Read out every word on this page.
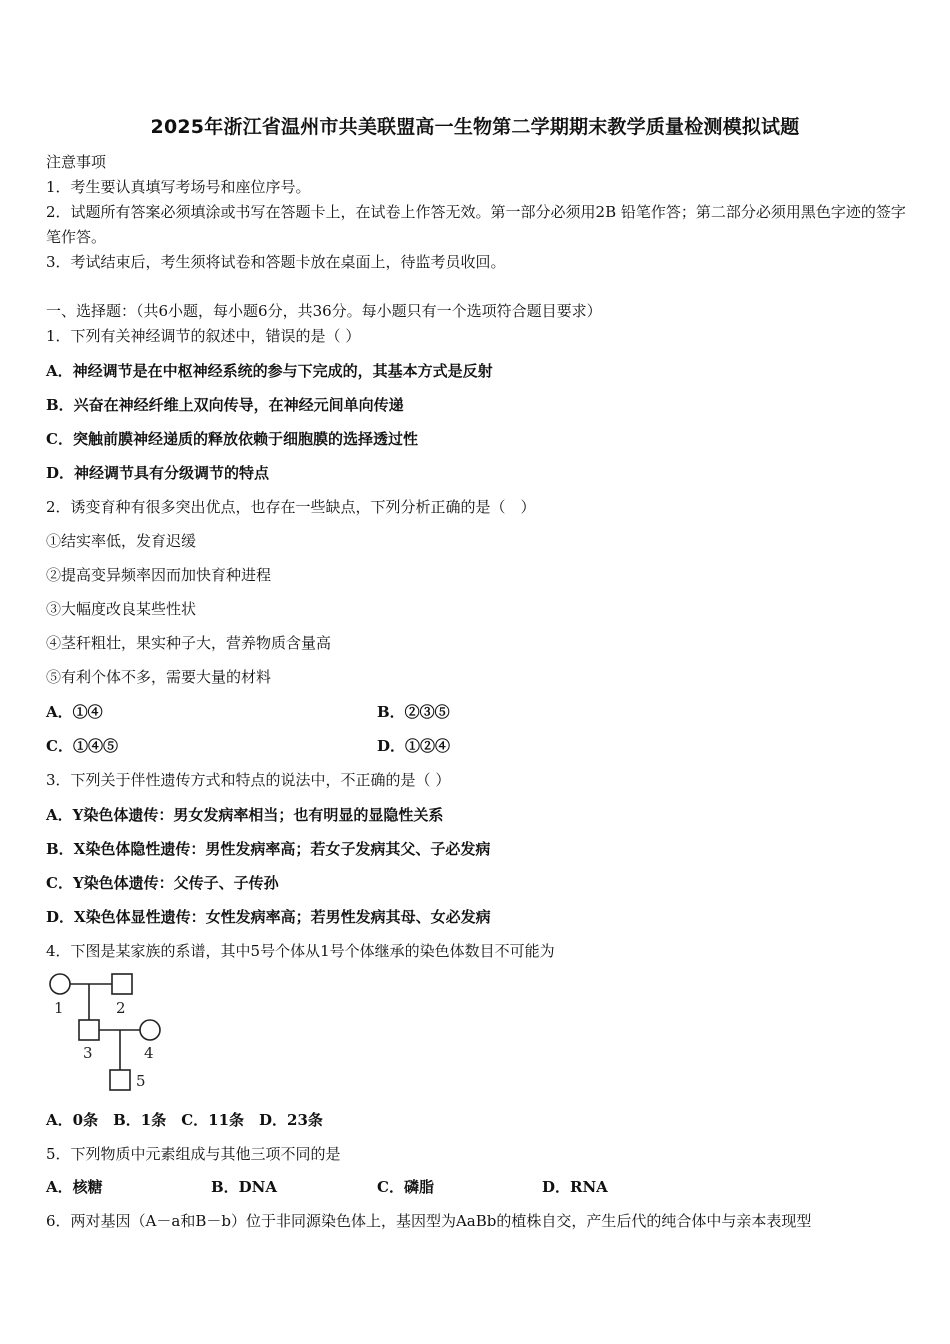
2025年浙江省温州市共美联盟高一生物第二学期期末教学质量检测模拟试题
注意事项
1．考生要认真填写考场号和座位序号。
2．试题所有答案必须填涂或书写在答题卡上，在试卷上作答无效。第一部分必须用2B 铅笔作答；第二部分必须用黑色字迹的签字笔作答。
3．考试结束后，考生须将试卷和答题卡放在桌面上，待监考员收回。
一、选择题：（共6小题，每小题6分，共36分。每小题只有一个选项符合题目要求）
1．下列有关神经调节的叙述中，错误的是（ ）
A．神经调节是在中枢神经系统的参与下完成的，其基本方式是反射
B．兴奋在神经纤维上双向传导，在神经元间单向传递
C．突触前膜神经递质的释放依赖于细胞膜的选择透过性
D．神经调节具有分级调节的特点
2．诱变育种有很多突出优点，也存在一些缺点，下列分析正确的是（　）
①结实率低，发育迟缓
②提高变异频率因而加快育种进程
③大幅度改良某些性状
④茎秆粗壮，果实种子大，营养物质含量高
⑤有利个体不多，需要大量的材料
A．①④	B．②③⑤
C．①④⑤	D．①②④
3．下列关于伴性遗传方式和特点的说法中，不正确的是（ ）
A．Y染色体遗传：男女发病率相当；也有明显的显隐性关系
B．X染色体隐性遗传：男性发病率高；若女子发病其父、子必发病
C．Y染色体遗传：父传子、子传孙
D．X染色体显性遗传：女性发病率高；若男性发病其母、女必发病
4．下图是某家族的系谱，其中5号个体从1号个体继承的染色体数目不可能为
1	2
3	4
5
A．0条　B．1条　C．11条　D．23条
5．下列物质中元素组成与其他三项不同的是
A．核糖	B．DNA	C．磷脂	D．RNA
6．两对基因（A－a和B－b）位于非同源染色体上，基因型为AaBb的植株自交，产生后代的纯合体中与亲本表现型
